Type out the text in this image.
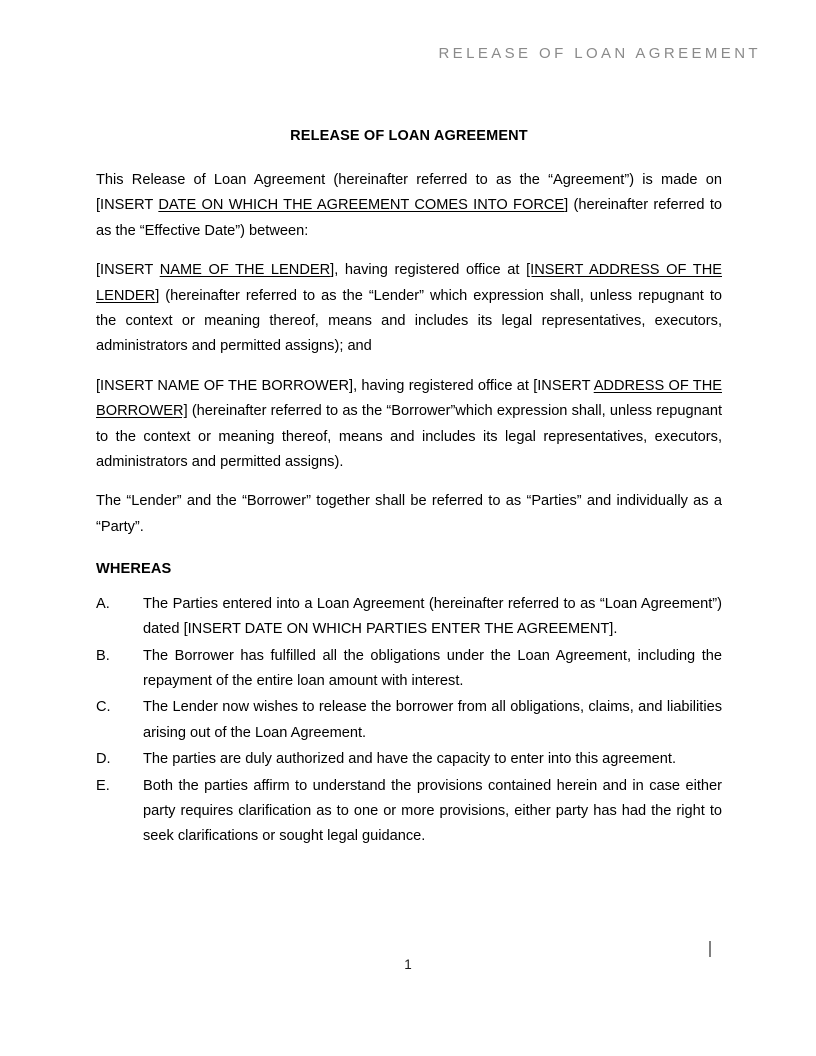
RELEASE OF LOAN AGREEMENT
RELEASE OF LOAN AGREEMENT

This Release of Loan Agreement (hereinafter referred to as the “Agreement”) is made on [INSERT DATE ON WHICH THE AGREEMENT COMES INTO FORCE] (hereinafter referred to as the “Effective Date”) between:

[INSERT NAME OF THE LENDER], having registered office at [INSERT ADDRESS OF THE LENDER] (hereinafter referred to as the “Lender” which expression shall, unless repugnant to the context or meaning thereof, means and includes its legal representatives, executors, administrators and permitted assigns); and

[INSERT NAME OF THE BORROWER], having registered office at [INSERT ADDRESS OF THE BORROWER] (hereinafter referred to as the “Borrower”which expression shall, unless repugnant to the context or meaning thereof, means and includes its legal representatives, executors, administrators and permitted assigns).

The “Lender” and the “Borrower” together shall be referred to as “Parties” and individually as a “Party”.

WHEREAS
A.	The Parties entered into a Loan Agreement (hereinafter referred to as “Loan Agreement”) dated [INSERT DATE ON WHICH PARTIES ENTER THE AGREEMENT].
B.	The Borrower has fulfilled all the obligations under the Loan Agreement, including the repayment of the entire loan amount with interest.
C.	The Lender now wishes to release the borrower from all obligations, claims, and liabilities arising out of the Loan Agreement.
D.	The parties are duly authorized and have the capacity to enter into this agreement.
E.	Both the parties affirm to understand the provisions contained herein and in case either party requires clarification as to one or more provisions, either party has had the right to seek clarifications or sought legal guidance.
1
